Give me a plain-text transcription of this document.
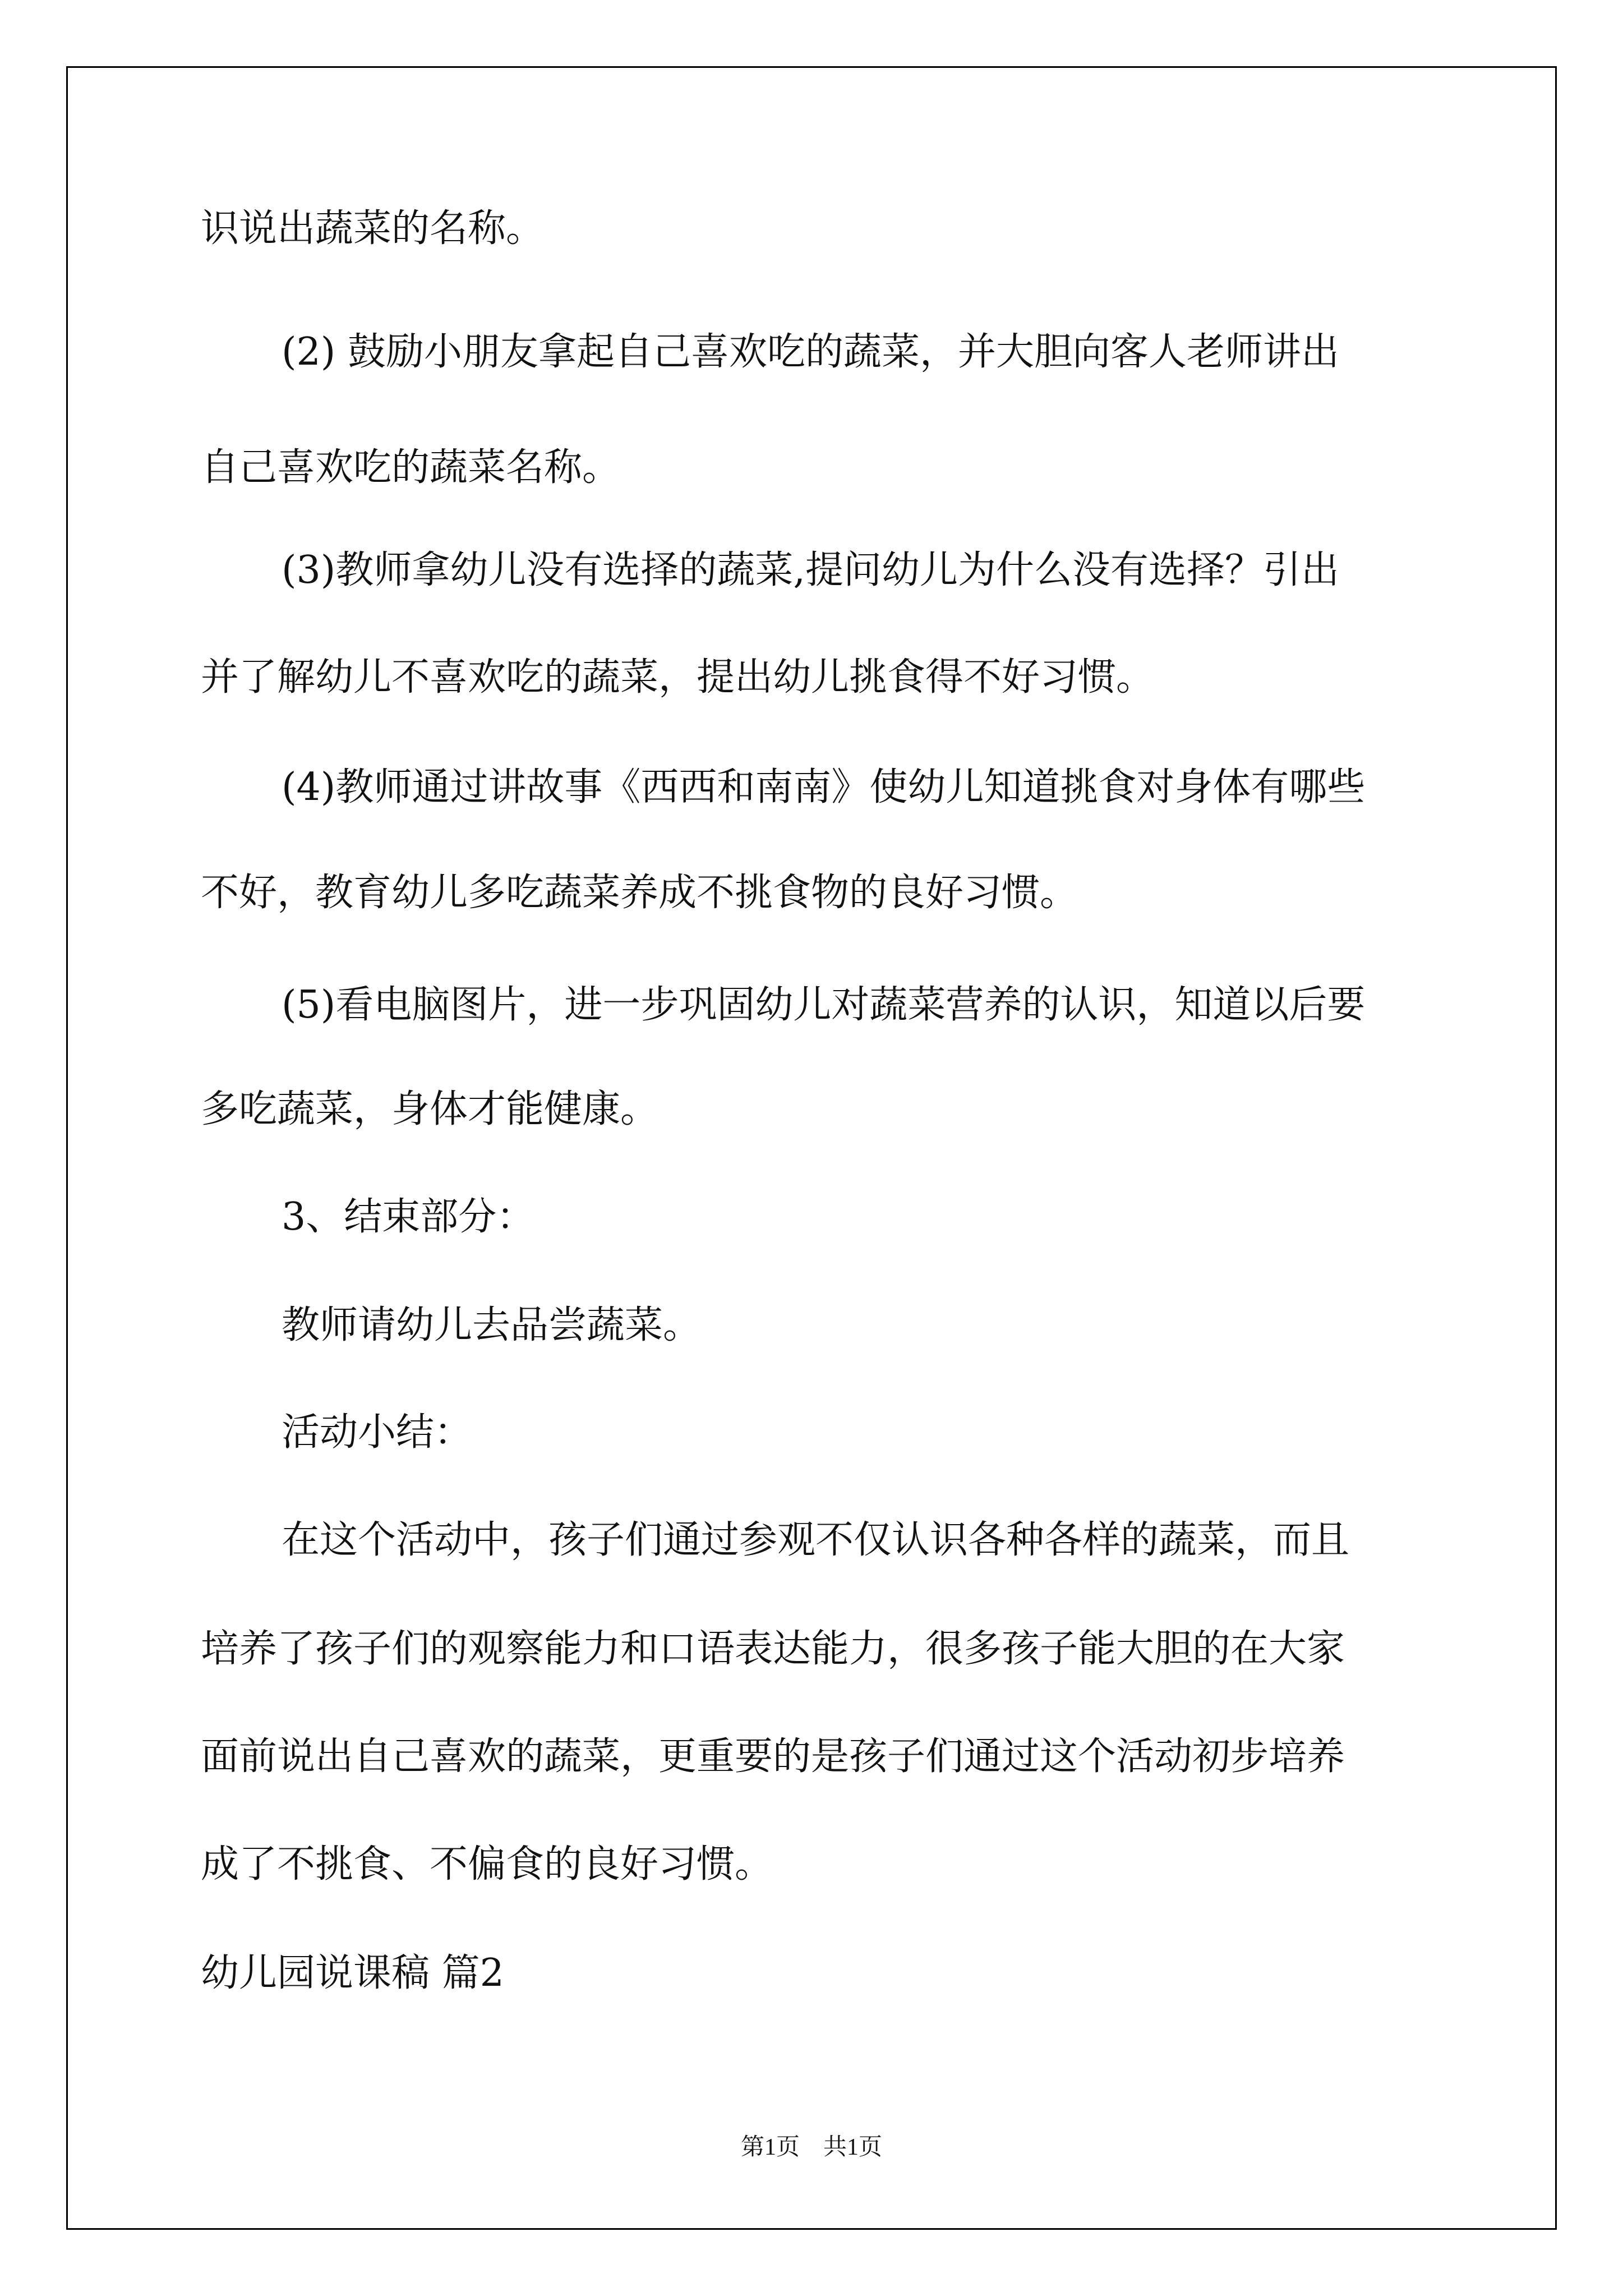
识说出蔬菜的名称。

(2) 鼓励小朋友拿起自己喜欢吃的蔬菜，并大胆向客人老师讲出

自己喜欢吃的蔬菜名称。

(3)教师拿幼儿没有选择的蔬菜,提问幼儿为什么没有选择？引出

并了解幼儿不喜欢吃的蔬菜，提出幼儿挑食得不好习惯。

(4)教师通过讲故事《西西和南南》使幼儿知道挑食对身体有哪些

不好，教育幼儿多吃蔬菜养成不挑食物的良好习惯。

(5)看电脑图片，进一步巩固幼儿对蔬菜营养的认识，知道以后要

多吃蔬菜，身体才能健康。

3、结束部分：

教师请幼儿去品尝蔬菜。

活动小结：

在这个活动中，孩子们通过参观不仅认识各种各样的蔬菜，而且

培养了孩子们的观察能力和口语表达能力，很多孩子能大胆的在大家

面前说出自己喜欢的蔬菜，更重要的是孩子们通过这个活动初步培养

成了不挑食、不偏食的良好习惯。

幼儿园说课稿 篇2

第1页　共1页
